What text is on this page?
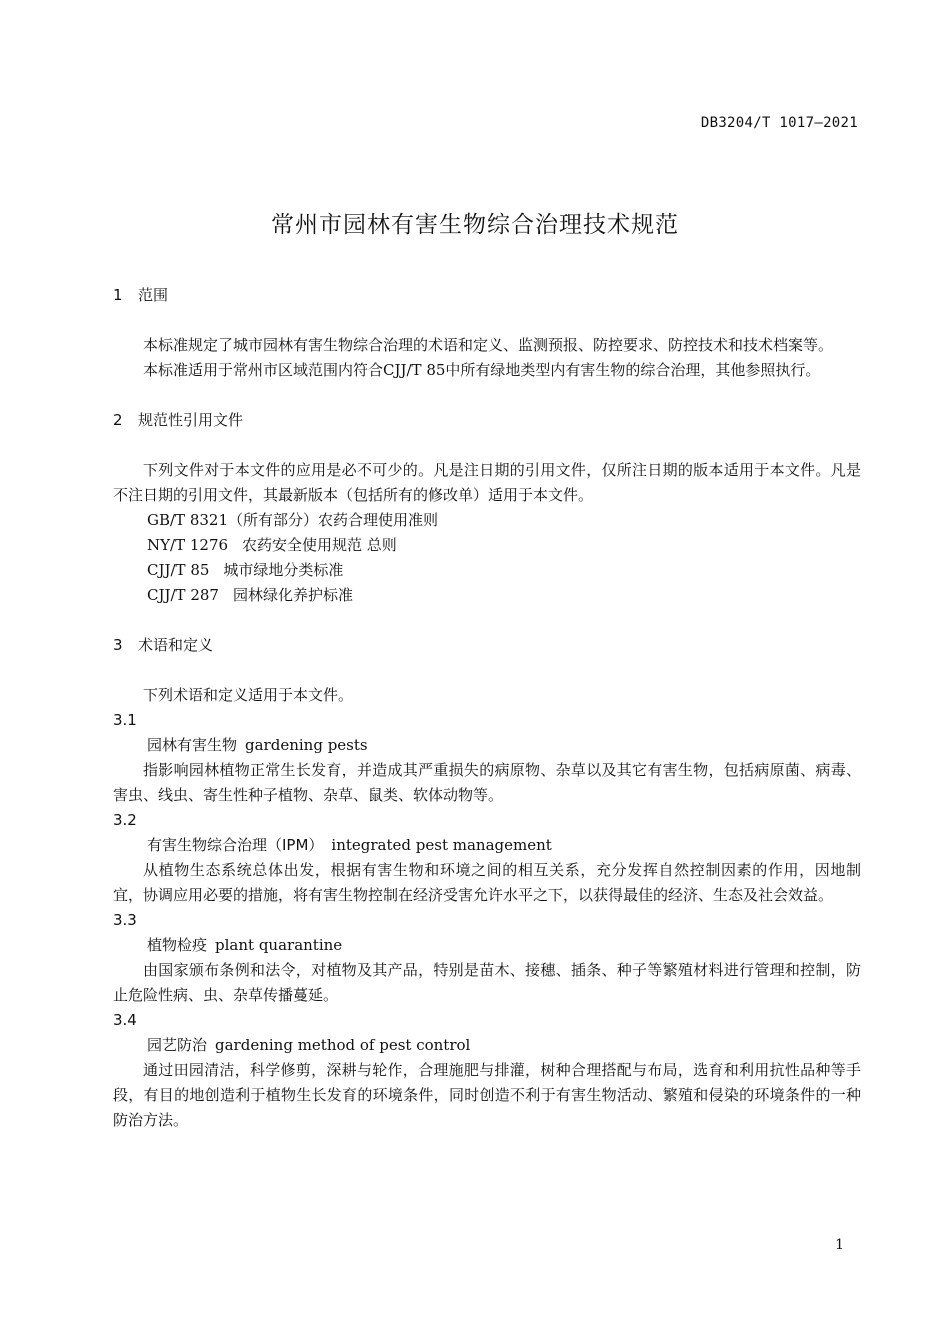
DB3204/T 1017—2021
常州市园林有害生物综合治理技术规范
1 范围

本标准规定了城市园林有害生物综合治理的术语和定义、监测预报、防控要求、防控技术和技术档案等。

本标准适用于常州市区域范围内符合CJJ/T 85中所有绿地类型内有害生物的综合治理，其他参照执行。

2 规范性引用文件

下列文件对于本文件的应用是必不可少的。凡是注日期的引用文件，仅所注日期的版本适用于本文件。凡是不注日期的引用文件，其最新版本（包括所有的修改单）适用于本文件。

GB/T 8321（所有部分）农药合理使用准则
NY/T 1276 农药安全使用规范 总则
CJJ/T 85 城市绿地分类标准
CJJ/T 287 园林绿化养护标准
3 术语和定义

下列术语和定义适用于本文件。

3.1
园林有害生物 gardening pests

指影响园林植物正常生长发育，并造成其严重损失的病原物、杂草以及其它有害生物，包括病原菌、病毒、害虫、线虫、寄生性种子植物、杂草、鼠类、软体动物等。

3.2
有害生物综合治理（IPM） integrated pest management

从植物生态系统总体出发，根据有害生物和环境之间的相互关系，充分发挥自然控制因素的作用，因地制宜，协调应用必要的措施，将有害生物控制在经济受害允许水平之下，以获得最佳的经济、生态及社会效益。

3.3
植物检疫 plant quarantine

由国家颁布条例和法令，对植物及其产品，特别是苗木、接穗、插条、种子等繁殖材料进行管理和控制，防止危险性病、虫、杂草传播蔓延。

3.4
园艺防治 gardening method of pest control

通过田园清洁，科学修剪，深耕与轮作，合理施肥与排灌，树种合理搭配与布局，选育和利用抗性品种等手段，有目的地创造利于植物生长发育的环境条件，同时创造不利于有害生物活动、繁殖和侵染的环境条件的一种防治方法。

1
